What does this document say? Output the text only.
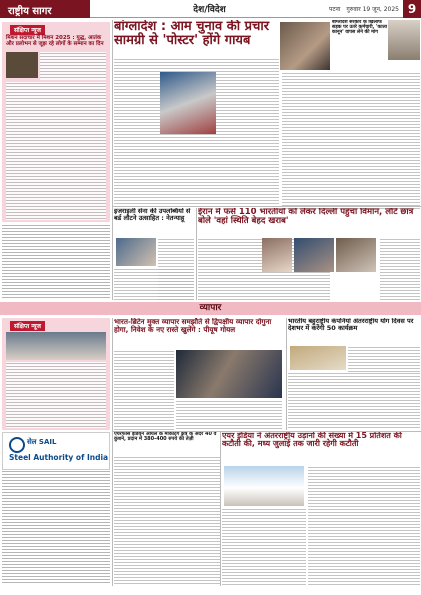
राष्ट्रीय सागर	देश/विदेश	पटना गुरुवार 19 जून, 2025 9
संक्षिप्त न्यूज
मिशन सदाचार में मिशन 2025 : युद्ध, आतंक और प्रलोभन से जूझ रहे लोगों के सम्मान का दिन
बांग्लादेश : आम चुनाव की प्रचार सामग्री से 'पोस्टर' होंगे गायब
बांग्लादेश सरकार के खिलाफ सड़क पर उतरे कर्मचारी, 'काला कानून' वापस लेने की मांग
इजराइली सेना की उपलब्धियों से बर्ड लौटने उत्साहित : नेतन्याहू
ईरान में फंसे 110 भारतीयों को लेकर दिल्ली पहुंचा विमान, लौटे छात्र बोले 'वहां स्थिति बेहद खराब'
व्यापार
संक्षिप्त न्यूज
सेल SAIL
Steel Authority of India
भारत-ब्रिटेन मुक्त व्यापार समझौते से द्विपक्षीय व्यापार दोगुना होगा, निवेश के नए रास्ते खुलेंगे : पीयूष गोयल
भारतीय बहुराष्ट्रीय कंपनियां अंतरराष्ट्रीय योग दिवस पर देशभर में करेंगी 50 कार्यक्रम
एयरफोर्स इंडियन ऑयल के मार्केटिंग क्षेत्र के अंदर 40 वें कुशने, प्रदान में 380-400 रुपये की तेज़ी	एयर इंडिया ने अंतरराष्ट्रीय उड़ानों की संख्या में 15 प्रतिशत की कटौती की, मध्य जुलाई तक जारी रहेगी कटौती
